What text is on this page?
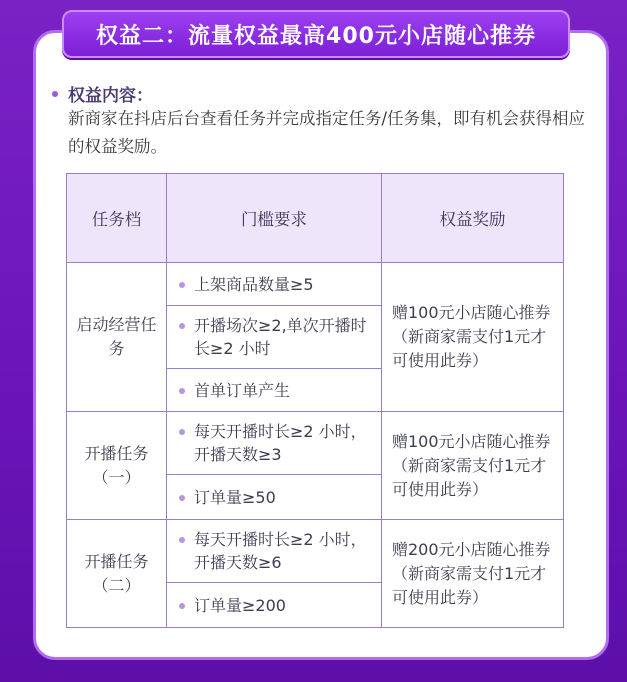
权益二：流量权益最高400元小店随心推券
权益内容：
新商家在抖店后台查看任务并完成指定任务/任务集，即有机会获得相应的权益奖励。
任务档	门槛要求	权益奖励
启动经营任务	上架商品数量≥5	赠100元小店随心推券（新商家需支付1元才可使用此券）

	开播场次≥2,单次开播时长≥2 小时	

	首单订单产生	

开播任务（一）	每天开播时长≥2 小时，开播天数≥3	赠100元小店随心推券（新商家需支付1元才可使用此券）

	订单量≥50	

开播任务（二）	每天开播时长≥2 小时，开播天数≥6	赠200元小店随心推券（新商家需支付1元才可使用此券）

	订单量≥200	
